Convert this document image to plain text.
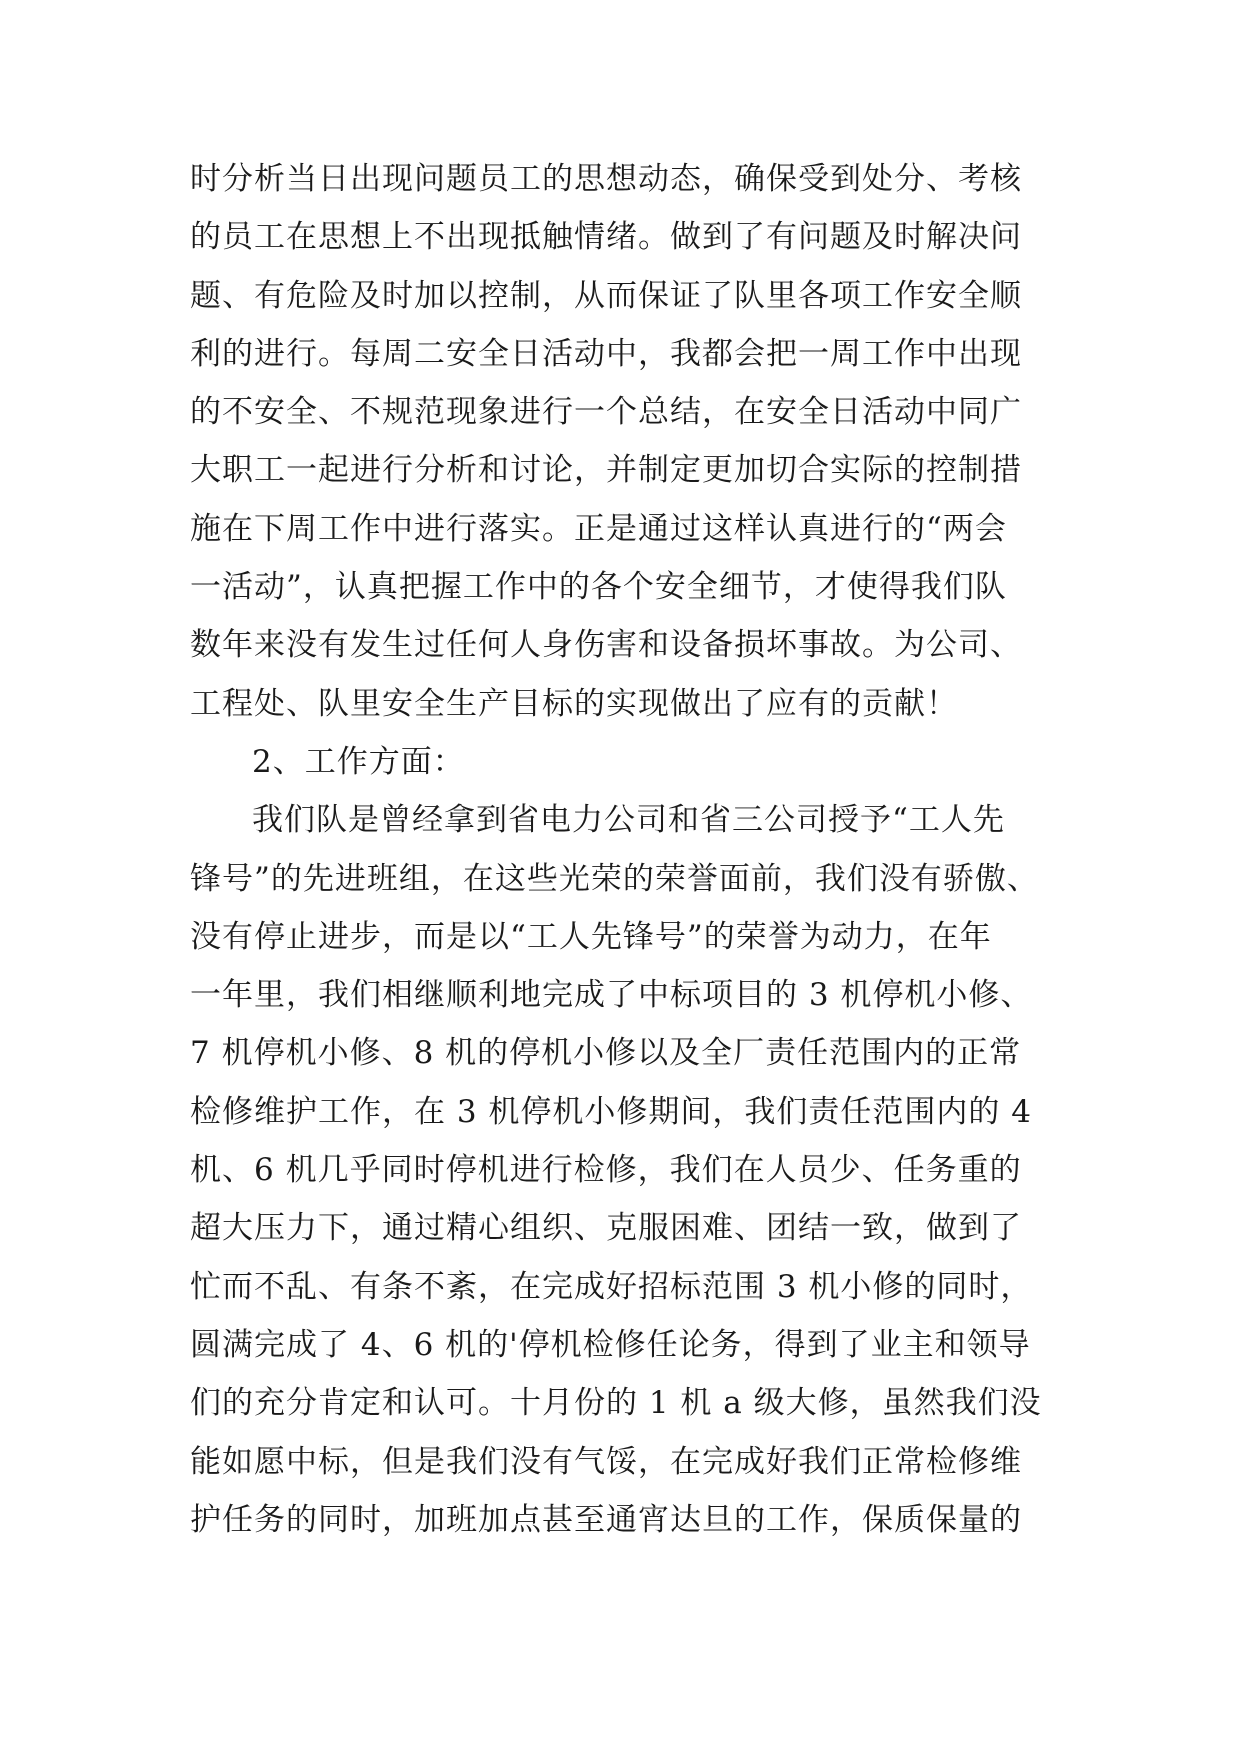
时分析当日出现问题员工的思想动态，确保受到处分、考核
的员工在思想上不出现抵触情绪。做到了有问题及时解决问
题、有危险及时加以控制，从而保证了队里各项工作安全顺
利的进行。每周二安全日活动中，我都会把一周工作中出现
的不安全、不规范现象进行一个总结，在安全日活动中同广
大职工一起进行分析和讨论，并制定更加切合实际的控制措
施在下周工作中进行落实。正是通过这样认真进行的“两会
一活动”，认真把握工作中的各个安全细节，才使得我们队
数年来没有发生过任何人身伤害和设备损坏事故。为公司、
工程处、队里安全生产目标的实现做出了应有的贡献！
2、工作方面：
我们队是曾经拿到省电力公司和省三公司授予“工人先
锋号”的先进班组，在这些光荣的荣誉面前，我们没有骄傲、
没有停止进步，而是以“工人先锋号”的荣誉为动力，在年
一年里，我们相继顺利地完成了中标项目的 3 机停机小修、
7 机停机小修、8 机的停机小修以及全厂责任范围内的正常
检修维护工作，在 3 机停机小修期间，我们责任范围内的 4
机、6 机几乎同时停机进行检修，我们在人员少、任务重的
超大压力下，通过精心组织、克服困难、团结一致，做到了
忙而不乱、有条不紊，在完成好招标范围 3 机小修的同时，
圆满完成了 4、6 机的'停机检修任论务，得到了业主和领导
们的充分肯定和认可。十月份的 1 机 a 级大修，虽然我们没
能如愿中标，但是我们没有气馁，在完成好我们正常检修维
护任务的同时，加班加点甚至通宵达旦的工作，保质保量的
